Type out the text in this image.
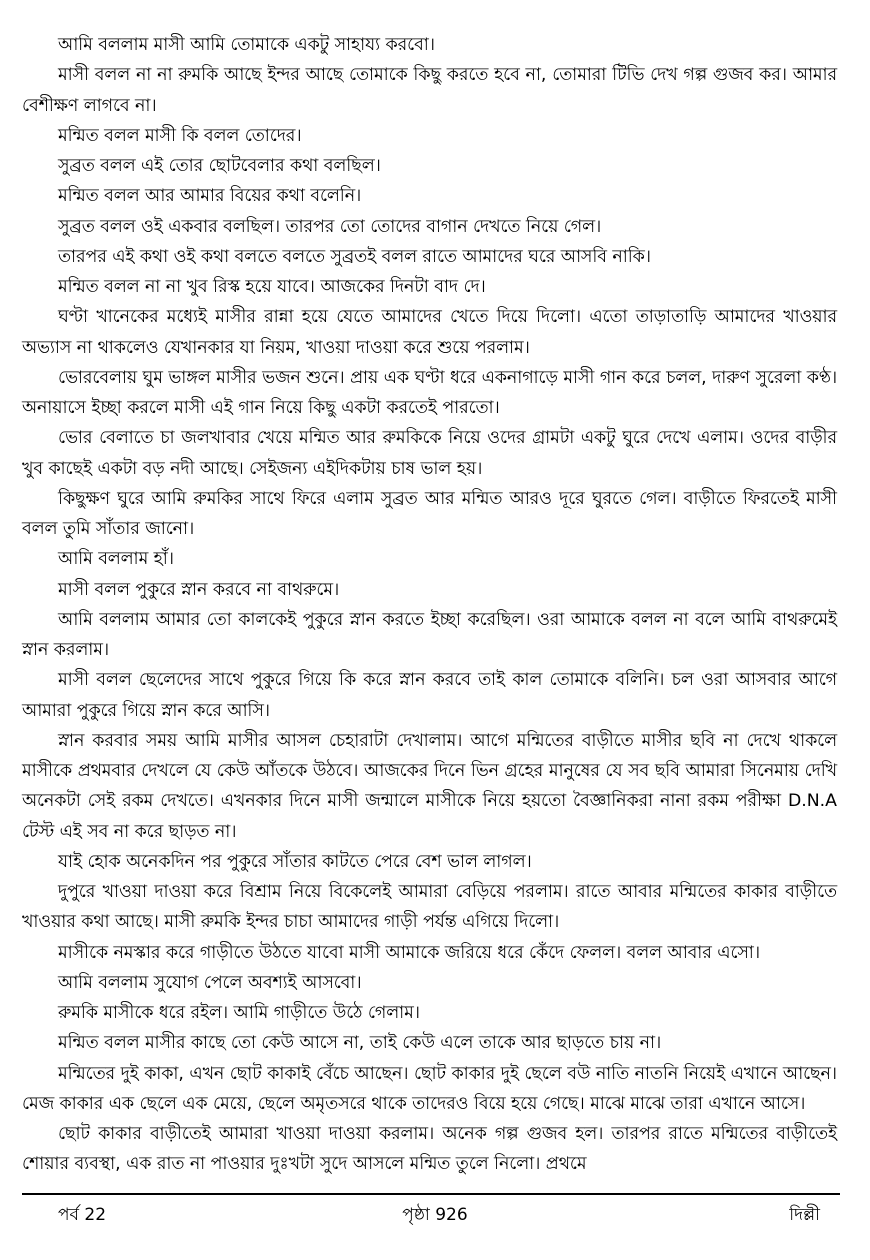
আমি বললাম মাসী আমি তোমাকে একটু সাহায্য করবো।

মাসী বলল না না রুমকি আছে ইন্দর আছে তোমাকে কিছু করতে হবে না, তোমারা টিভি দেখ গল্প গুজব কর। আমার বেশীক্ষণ লাগবে না।

মন্মিত বলল মাসী কি বলল তোদের।

সুব্রত বলল এই তোর ছোটবেলার কথা বলছিল।

মন্মিত বলল আর আমার বিয়ের কথা বলেনি।

সুব্রত বলল ওই একবার বলছিল। তারপর তো তোদের বাগান দেখতে নিয়ে গেল।

তারপর এই কথা ওই কথা বলতে বলতে সুব্রতই বলল রাতে আমাদের ঘরে আসবি নাকি।

মন্মিত বলল না না খুব রিস্ক হয়ে যাবে। আজকের দিনটা বাদ দে।

ঘণ্টা খানেকের মধ্যেই মাসীর রান্না হয়ে যেতে আমাদের খেতে দিয়ে দিলো। এতো তাড়াতাড়ি আমাদের খাওয়ার অভ্যাস না থাকলেও যেখানকার যা নিয়ম, খাওয়া দাওয়া করে শুয়ে পরলাম।

ভোরবেলায় ঘুম ভাঙ্গল মাসীর ভজন শুনে। প্রায় এক ঘণ্টা ধরে একনাগাড়ে মাসী গান করে চলল, দারুণ সুরেলা কণ্ঠ। অনায়াসে ইচ্ছা করলে মাসী এই গান নিয়ে কিছু একটা করতেই পারতো।

ভোর বেলাতে চা জলখাবার খেয়ে মন্মিত আর রুমকিকে নিয়ে ওদের গ্রামটা একটু ঘুরে দেখে এলাম। ওদের বাড়ীর খুব কাছেই একটা বড় নদী আছে। সেইজন্য এইদিকটায় চাষ ভাল হয়।

কিছুক্ষণ ঘুরে আমি রুমকির সাথে ফিরে এলাম সুব্রত আর মন্মিত আরও দূরে ঘুরতে গেল। বাড়ীতে ফিরতেই মাসী বলল তুমি সাঁতার জানো।

আমি বললাম হাঁ।

মাসী বলল পুকুরে স্নান করবে না বাথরুমে।

আমি বললাম আমার তো কালকেই পুকুরে স্নান করতে ইচ্ছা করেছিল। ওরা আমাকে বলল না বলে আমি বাথরুমেই স্নান করলাম।

মাসী বলল ছেলেদের সাথে পুকুরে গিয়ে কি করে স্নান করবে তাই কাল তোমাকে বলিনি। চল ওরা আসবার আগে আমারা পুকুরে গিয়ে স্নান করে আসি।

স্নান করবার সময় আমি মাসীর আসল চেহারাটা দেখালাম। আগে মন্মিতের বাড়ীতে মাসীর ছবি না দেখে থাকলে মাসীকে প্রথমবার দেখলে যে কেউ আঁতকে উঠবে। আজকের দিনে ভিন গ্রহের মানুষের যে সব ছবি আমারা সিনেমায় দেখি অনেকটা সেই রকম দেখতে। এখনকার দিনে মাসী জন্মালে মাসীকে নিয়ে হয়তো বৈজ্ঞানিকরা নানা রকম পরীক্ষা D.N.A টেস্ট এই সব না করে ছাড়ত না।

যাই হোক অনেকদিন পর পুকুরে সাঁতার কাটতে পেরে বেশ ভাল লাগল।

দুপুরে খাওয়া দাওয়া করে বিশ্রাম নিয়ে বিকেলেই আমারা বেড়িয়ে পরলাম। রাতে আবার মন্মিতের কাকার বাড়ীতে খাওয়ার কথা আছে। মাসী রুমকি ইন্দর চাচা আমাদের গাড়ী পর্যন্ত এগিয়ে দিলো।

মাসীকে নমস্কার করে গাড়ীতে উঠতে যাবো মাসী আমাকে জরিয়ে ধরে কেঁদে ফেলল। বলল আবার এসো।

আমি বললাম সুযোগ পেলে অবশ্যই আসবো।

রুমকি মাসীকে ধরে রইল। আমি গাড়ীতে উঠে গেলাম।

মন্মিত বলল মাসীর কাছে তো কেউ আসে না, তাই কেউ এলে তাকে আর ছাড়তে চায় না।

মন্মিতের দুই কাকা, এখন ছোট কাকাই বেঁচে আছেন। ছোট কাকার দুই ছেলে বউ নাতি নাতনি নিয়েই এখানে আছেন। মেজ কাকার এক ছেলে এক মেয়ে, ছেলে অমৃতসরে থাকে তাদেরও বিয়ে হয়ে গেছে। মাঝে মাঝে তারা এখানে আসে।

ছোট কাকার বাড়ীতেই আমারা খাওয়া দাওয়া করলাম। অনেক গল্প গুজব হল। তারপর রাতে মন্মিতের বাড়ীতেই শোয়ার ব্যবস্থা, এক রাত না পাওয়ার দুঃখটা সুদে আসলে মন্মিত তুলে নিলো। প্রথমে

পৃষ্ঠা 926
পর্ব 22	দিল্লী
